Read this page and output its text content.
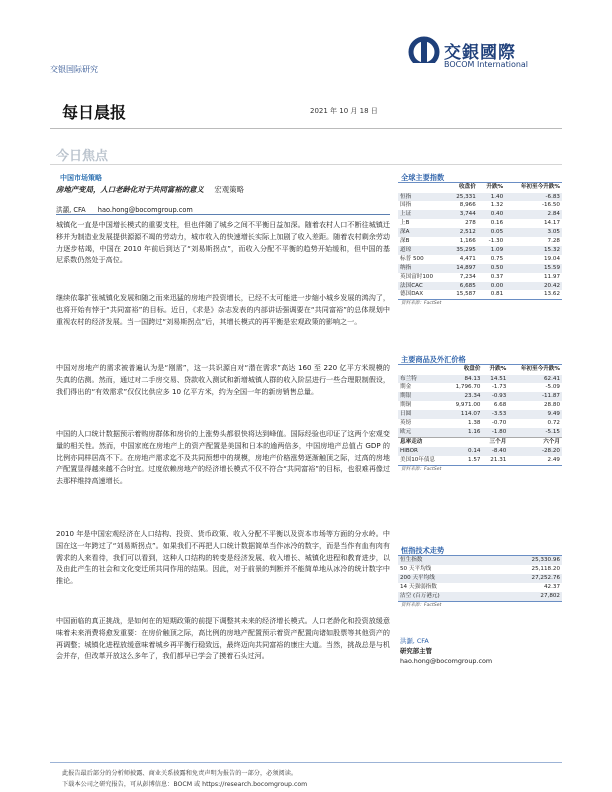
交银国际研究
交銀國際
BOCOM International
每日晨报	2021 年 10 月 18 日
今日焦点
中国市场策略
房地产变局，人口老龄化对于共同富裕的意义 宏观策略
洪灝, CFA hao.hong@bocomgroup.com
城镇化一直是中国增长模式的重要支柱，但也伴随了城乡之间不平衡日益加深。随着农村人口不断往城镇迁移并为制造业发展提供源源不竭的劳动力，城市收入的快速增长实际上加剧了收入差距。随着农村剩余劳动力逐步枯竭，中国在 2010 年前后到达了“刘易斯拐点”，而收入分配不平衡的趋势开始缓和，但中国的基尼系数仍然处于高位。
继续依靠扩张城镇化发展和随之而来迅猛的房地产投资增长，已经不太可能进一步缩小城乡发展的鸿沟了，也将开始有悖于“共同富裕”的目标。近日，《求是》杂志发表的内部讲话强调要在“共同富裕”的总体规划中重视农村的经济发展。当一国跨过“刘易斯拐点”后，其增长模式的再平衡是宏观政策的影响之一。
中国对房地产的需求被普遍认为是“刚需”，这一共识源自对“潜在需求”高达 160 至 220 亿平方米规模的失真的估测。然而，通过对二手房交易、贷款收入测试和新增城镇人群的收入阶层进行一些合理限制假设，我们得出的“有效需求”仅仅比供应多 10 亿平方米，约为全国一年的新房销售总量。
中国的人口统计数据预示着购房群体和房价的上涨势头都很快将达到峰值。国际经验也印证了这两个宏观变量的相关性。然而，中国家庭在房地产上的资产配置是美国和日本的逾两倍多，中国房地产总值占 GDP 的比例亦同样居高不下。在房地产需求迄不及共同预想中的规模，房地产价格涨势逐渐触顶之际，过高的房地产配置显得越来越不合时宜。过度依赖房地产的经济增长模式不仅不符合“共同富裕”的目标，也很难再像过去那样维持高速增长。
2010 年是中国宏观经济在人口结构、投资、货币政策、收入分配不平衡以及资本市场等方面的分水岭。中国在这一年跨过了“刘易斯拐点”。如果我们不再把人口统计数据简单当作冰冷的数字，而是当作有血有肉有需求的人来看待，我们可以看到，这种人口结构的转变是经济发展、收入增长、城镇化进程和教育进步，以及由此产生的社会和文化变迁所共同作用的结果。因此，对于前景的判断并不能简单地从冰冷的统计数字中推论。
中国面临的真正挑战，是如何在的短期政策的前提下调整其未来的经济增长模式。人口老龄化和投资放缓意味着未来消费将愈发重要：在房价触顶之际，高比例的房地产配置预示着资产配置向诸如股票等其他资产的再调整；城镇化进程放缓意味着城乡再平衡行稳致远，最终迈向共同富裕的康庄大道。当然，挑战总是与机会并存，但改革开放这么多年了，我们都早已学会了摸着石头过河。
全球主要指数
	收盘价	升跌%	年初至今升跌%
恒指	25,331	1.40	-6.83
国指	8,966	1.32	-16.50
上证	3,744	0.40	2.84
上B	278	0.16	14.17
深A	2,512	0.05	3.05
深B	1,166	-1.30	7.28
道琼	35,295	1.09	15.32
标普 500	4,471	0.75	19.04
纳指	14,897	0.50	15.59
英国富时100	7,234	0.37	11.97
法国CAC	6,685	0.00	20.42
德国DAX	15,587	0.81	13.62
资料来源：FactSet
主要商品及外汇价格
	收盘价	升跌%	年初至今升跌%
布兰特	84.13	14.51	62.41
期金	1,796.70	-1.73	-5.09
期银	23.34	-0.93	-11.87
期铜	9,971.00	6.68	28.80
日圆	114.07	-3.53	9.49
英镑	1.38	-0.70	0.72
欧元	1.16	-1.80	-5.15
息率走动		三个月	六个月
HIBOR	0.14	-8.40	-28.20
美国10年债息	1.57	21.31	2.49
资料来源：FactSet
恒指技术走势
恒生指数	25,330.96
50 天平均线	25,118.20
200 天平均线	27,252.76
14 天强弱指数	42.37
沽空 (百万港元)	27,802
资料来源：FactSet
洪灝, CFA
研究部主管
hao.hong@bocomgroup.com
此报告最后部分的分析师披露、商业关系披露和免责声明为报告的一部分，必须阅读。
下载本公司之研究报告，可从彭博信息：BOCM 或 https://research.bocomgroup.com
